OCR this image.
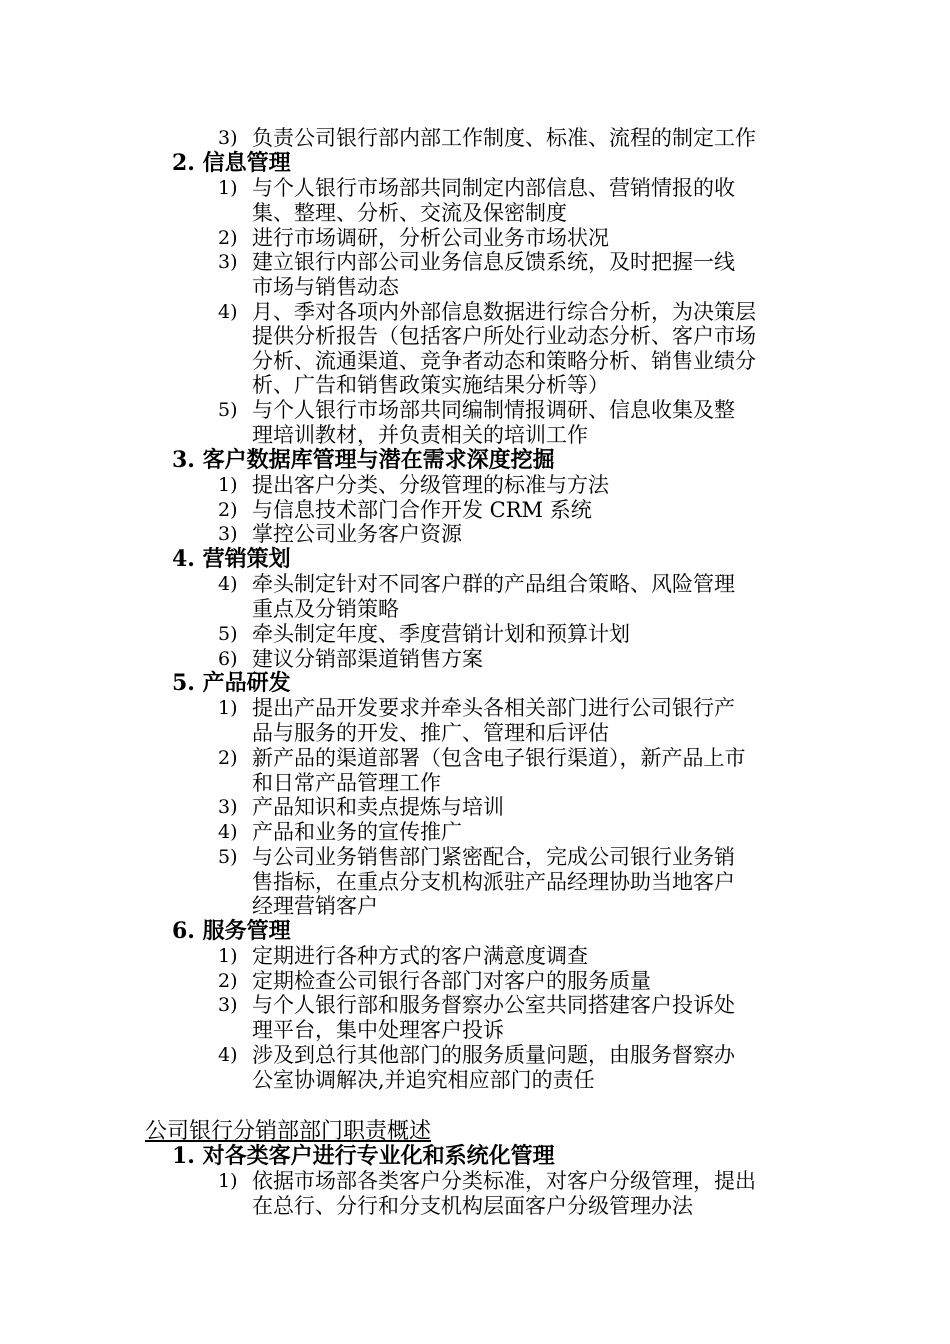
3) 负责公司银行部内部工作制度、标准、流程的制定工作
2. 信息管理
1) 与个人银行市场部共同制定内部信息、营销情报的收
集、整理、分析、交流及保密制度
2) 进行市场调研，分析公司业务市场状况
3) 建立银行内部公司业务信息反馈系统，及时把握一线
市场与销售动态
4) 月、季对各项内外部信息数据进行综合分析，为决策层
提供分析报告（包括客户所处行业动态分析、客户市场
分析、流通渠道、竞争者动态和策略分析、销售业绩分
析、广告和销售政策实施结果分析等）
5) 与个人银行市场部共同编制情报调研、信息收集及整
理培训教材，并负责相关的培训工作
3. 客户数据库管理与潜在需求深度挖掘
1) 提出客户分类、分级管理的标准与方法
2) 与信息技术部门合作开发 CRM 系统
3) 掌控公司业务客户资源
4. 营销策划
4) 牵头制定针对不同客户群的产品组合策略、风险管理
重点及分销策略
5) 牵头制定年度、季度营销计划和预算计划
6) 建议分销部渠道销售方案
5. 产品研发
1) 提出产品开发要求并牵头各相关部门进行公司银行产
品与服务的开发、推广、管理和后评估
2) 新产品的渠道部署（包含电子银行渠道），新产品上市
和日常产品管理工作
3) 产品知识和卖点提炼与培训
4) 产品和业务的宣传推广
5) 与公司业务销售部门紧密配合，完成公司银行业务销
售指标，在重点分支机构派驻产品经理协助当地客户
经理营销客户
6. 服务管理
1) 定期进行各种方式的客户满意度调查
2) 定期检查公司银行各部门对客户的服务质量
3) 与个人银行部和服务督察办公室共同搭建客户投诉处
理平台，集中处理客户投诉
4) 涉及到总行其他部门的服务质量问题，由服务督察办
公室协调解决,并追究相应部门的责任
公司银行分销部部门职责概述
1. 对各类客户进行专业化和系统化管理
1) 依据市场部各类客户分类标准，对客户分级管理，提出
在总行、分行和分支机构层面客户分级管理办法
